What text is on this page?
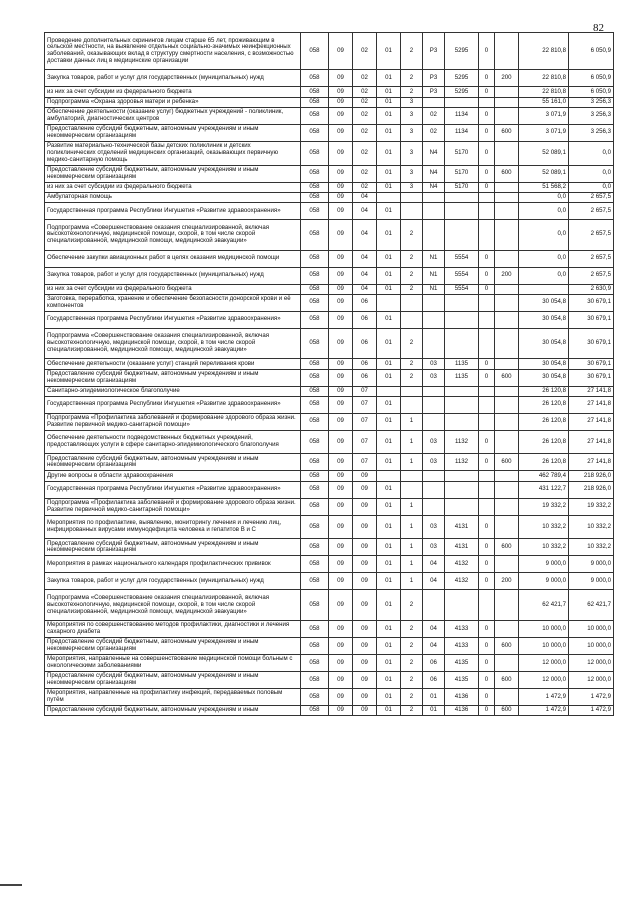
82
Проведение дополнительных скринингов лицам старше 65 лет, проживающим в сельской местности, на выявление отдельных социально-значимых неинфекционных заболеваний, оказывающих вклад в структуру смертности населения, с возможностью доставки данных лиц в медицинские организации	058	09	02	01	2	Р3	5295	0		22 810,8	6 050,9
Закупка товаров, работ и услуг для государственных (муниципальных) нужд	058	09	02	01	2	Р3	5295	0	200	22 810,8	6 050,9
из них за счет субсидии из федерального бюджета	058	09	02	01	2	Р3	5295	0		22 810,8	6 050,9
Подпрограмма «Охрана здоровья матери и ребенка»	058	09	02	01	3					55 161,0	3 256,3
Обеспечение деятельности (оказание услуг) бюджетных учреждений - поликлиник, амбулаторий, диагностических центров	058	09	02	01	3	02	1134	0		3 071,9	3 256,3
Предоставление субсидий бюджетным, автономным учреждениям и иным некоммерческим организациям	058	09	02	01	3	02	1134	0	600	3 071,9	3 256,3
Развитие материально-технической базы детских поликлиник и детских поликлинических отделений медицинских организаций, оказывающих первичную медико-санитарную помощь	058	09	02	01	3	N4	5170	0		52 089,1	0,0
Предоставление субсидий бюджетным, автономным учреждениям и иным некоммерческим организациям	058	09	02	01	3	N4	5170	0	600	52 089,1	0,0
из них за счет субсидии из федерального бюджета	058	09	02	01	3	N4	5170	0		51 568,2	0,0
Амбулаторная помощь	058	09	04							0,0	2 657,5
Государственная программа Республики Ингушетия «Развитие здравоохранения»	058	09	04	01						0,0	2 657,5
Подпрограмма «Совершенствование оказания специализированной, включая высокотехнологичную, медицинской помощи, скорой, в том числе скорой специализированной, медицинской помощи, медицинской эвакуации»	058	09	04	01	2					0,0	2 657,5
Обеспечение закупки авиационных работ в целях оказания медицинской помощи	058	09	04	01	2	N1	5554	0		0,0	2 657,5
Закупка товаров, работ и услуг для государственных (муниципальных) нужд	058	09	04	01	2	N1	5554	0	200	0,0	2 657,5
из них за счет субсидии из федерального бюджета	058	09	04	01	2	N1	5554	0			2 630,9
Заготовка, переработка, хранение и обеспечение безопасности донорской крови и её компонентов	058	09	06							30 054,8	30 679,1
Государственная программа Республики Ингушетия «Развитие здравоохранения»	058	09	06	01						30 054,8	30 679,1
Подпрограмма «Совершенствование оказания специализированной, включая высокотехнологичную, медицинской помощи, скорой, в том числе скорой специализированной, медицинской помощи, медицинской эвакуации»	058	09	06	01	2					30 054,8	30 679,1
Обеспечение деятельности (оказание услуг) станций переливания крови	058	09	06	01	2	03	1135	0		30 054,8	30 679,1
Предоставление субсидий бюджетным, автономным учреждениям и иным некоммерческим организациям	058	09	06	01	2	03	1135	0	600	30 054,8	30 679,1
Санитарно-эпидемиологическое благополучие	058	09	07							26 120,8	27 141,8
Государственная программа Республики Ингушетия «Развитие здравоохранения»	058	09	07	01						26 120,8	27 141,8
Подпрограмма «Профилактика заболеваний и формирование здорового образа жизни. Развитие первичной медико-санитарной помощи»	058	09	07	01	1					26 120,8	27 141,8
Обеспечение деятельности подведомственных бюджетных учреждений, предоставляющих услуги в сфере санитарно-эпидемиологического благополучия	058	09	07	01	1	03	1132	0		26 120,8	27 141,8
Предоставление субсидий бюджетным, автономным учреждениям и иным некоммерческим организациям	058	09	07	01	1	03	1132	0	600	26 120,8	27 141,8
Другие вопросы в области здравоохранения	058	09	09							462 789,4	218 926,0
Государственная программа Республики Ингушетия «Развитие здравоохранения»	058	09	09	01						431 122,7	218 926,0
Подпрограмма «Профилактика заболеваний и формирование здорового образа жизни. Развитие первичной медико-санитарной помощи»	058	09	09	01	1					19 332,2	19 332,2
Мероприятия по профилактике, выявлению, мониторингу лечения и лечению лиц, инфицированных вирусами иммунодефицита человека и гепатитов В и С	058	09	09	01	1	03	4131	0		10 332,2	10 332,2
Предоставление субсидий бюджетным, автономным учреждениям и иным некоммерческим организациям	058	09	09	01	1	03	4131	0	600	10 332,2	10 332,2
Мероприятия в рамках национального календаря профилактических прививок	058	09	09	01	1	04	4132	0		9 000,0	9 000,0
Закупка товаров, работ и услуг для государственных (муниципальных) нужд	058	09	09	01	1	04	4132	0	200	9 000,0	9 000,0
Подпрограмма «Совершенствование оказания специализированной, включая высокотехнологичную, медицинской помощи, скорой, в том числе скорой специализированной, медицинской помощи, медицинской эвакуации»	058	09	09	01	2					62 421,7	62 421,7
Мероприятия по совершенствованию методов профилактики, диагностики и лечения сахарного диабета	058	09	09	01	2	04	4133	0		10 000,0	10 000,0
Предоставление субсидий бюджетным, автономным учреждениям и иным некоммерческим организациям	058	09	09	01	2	04	4133	0	600	10 000,0	10 000,0
Мероприятия, направленные на совершенствование медицинской помощи больным с онкологическими заболеваниями	058	09	09	01	2	06	4135	0		12 000,0	12 000,0
Предоставление субсидий бюджетным, автономным учреждениям и иным некоммерческим организациям	058	09	09	01	2	06	4135	0	600	12 000,0	12 000,0
Мероприятия, направленные на профилактику инфекций, передаваемых половым путём	058	09	09	01	2	01	4136	0		1 472,9	1 472,9
Предоставление субсидий бюджетным, автономным учреждениям и иным	058	09	09	01	2	01	4136	0	600	1 472,9	1 472,9
